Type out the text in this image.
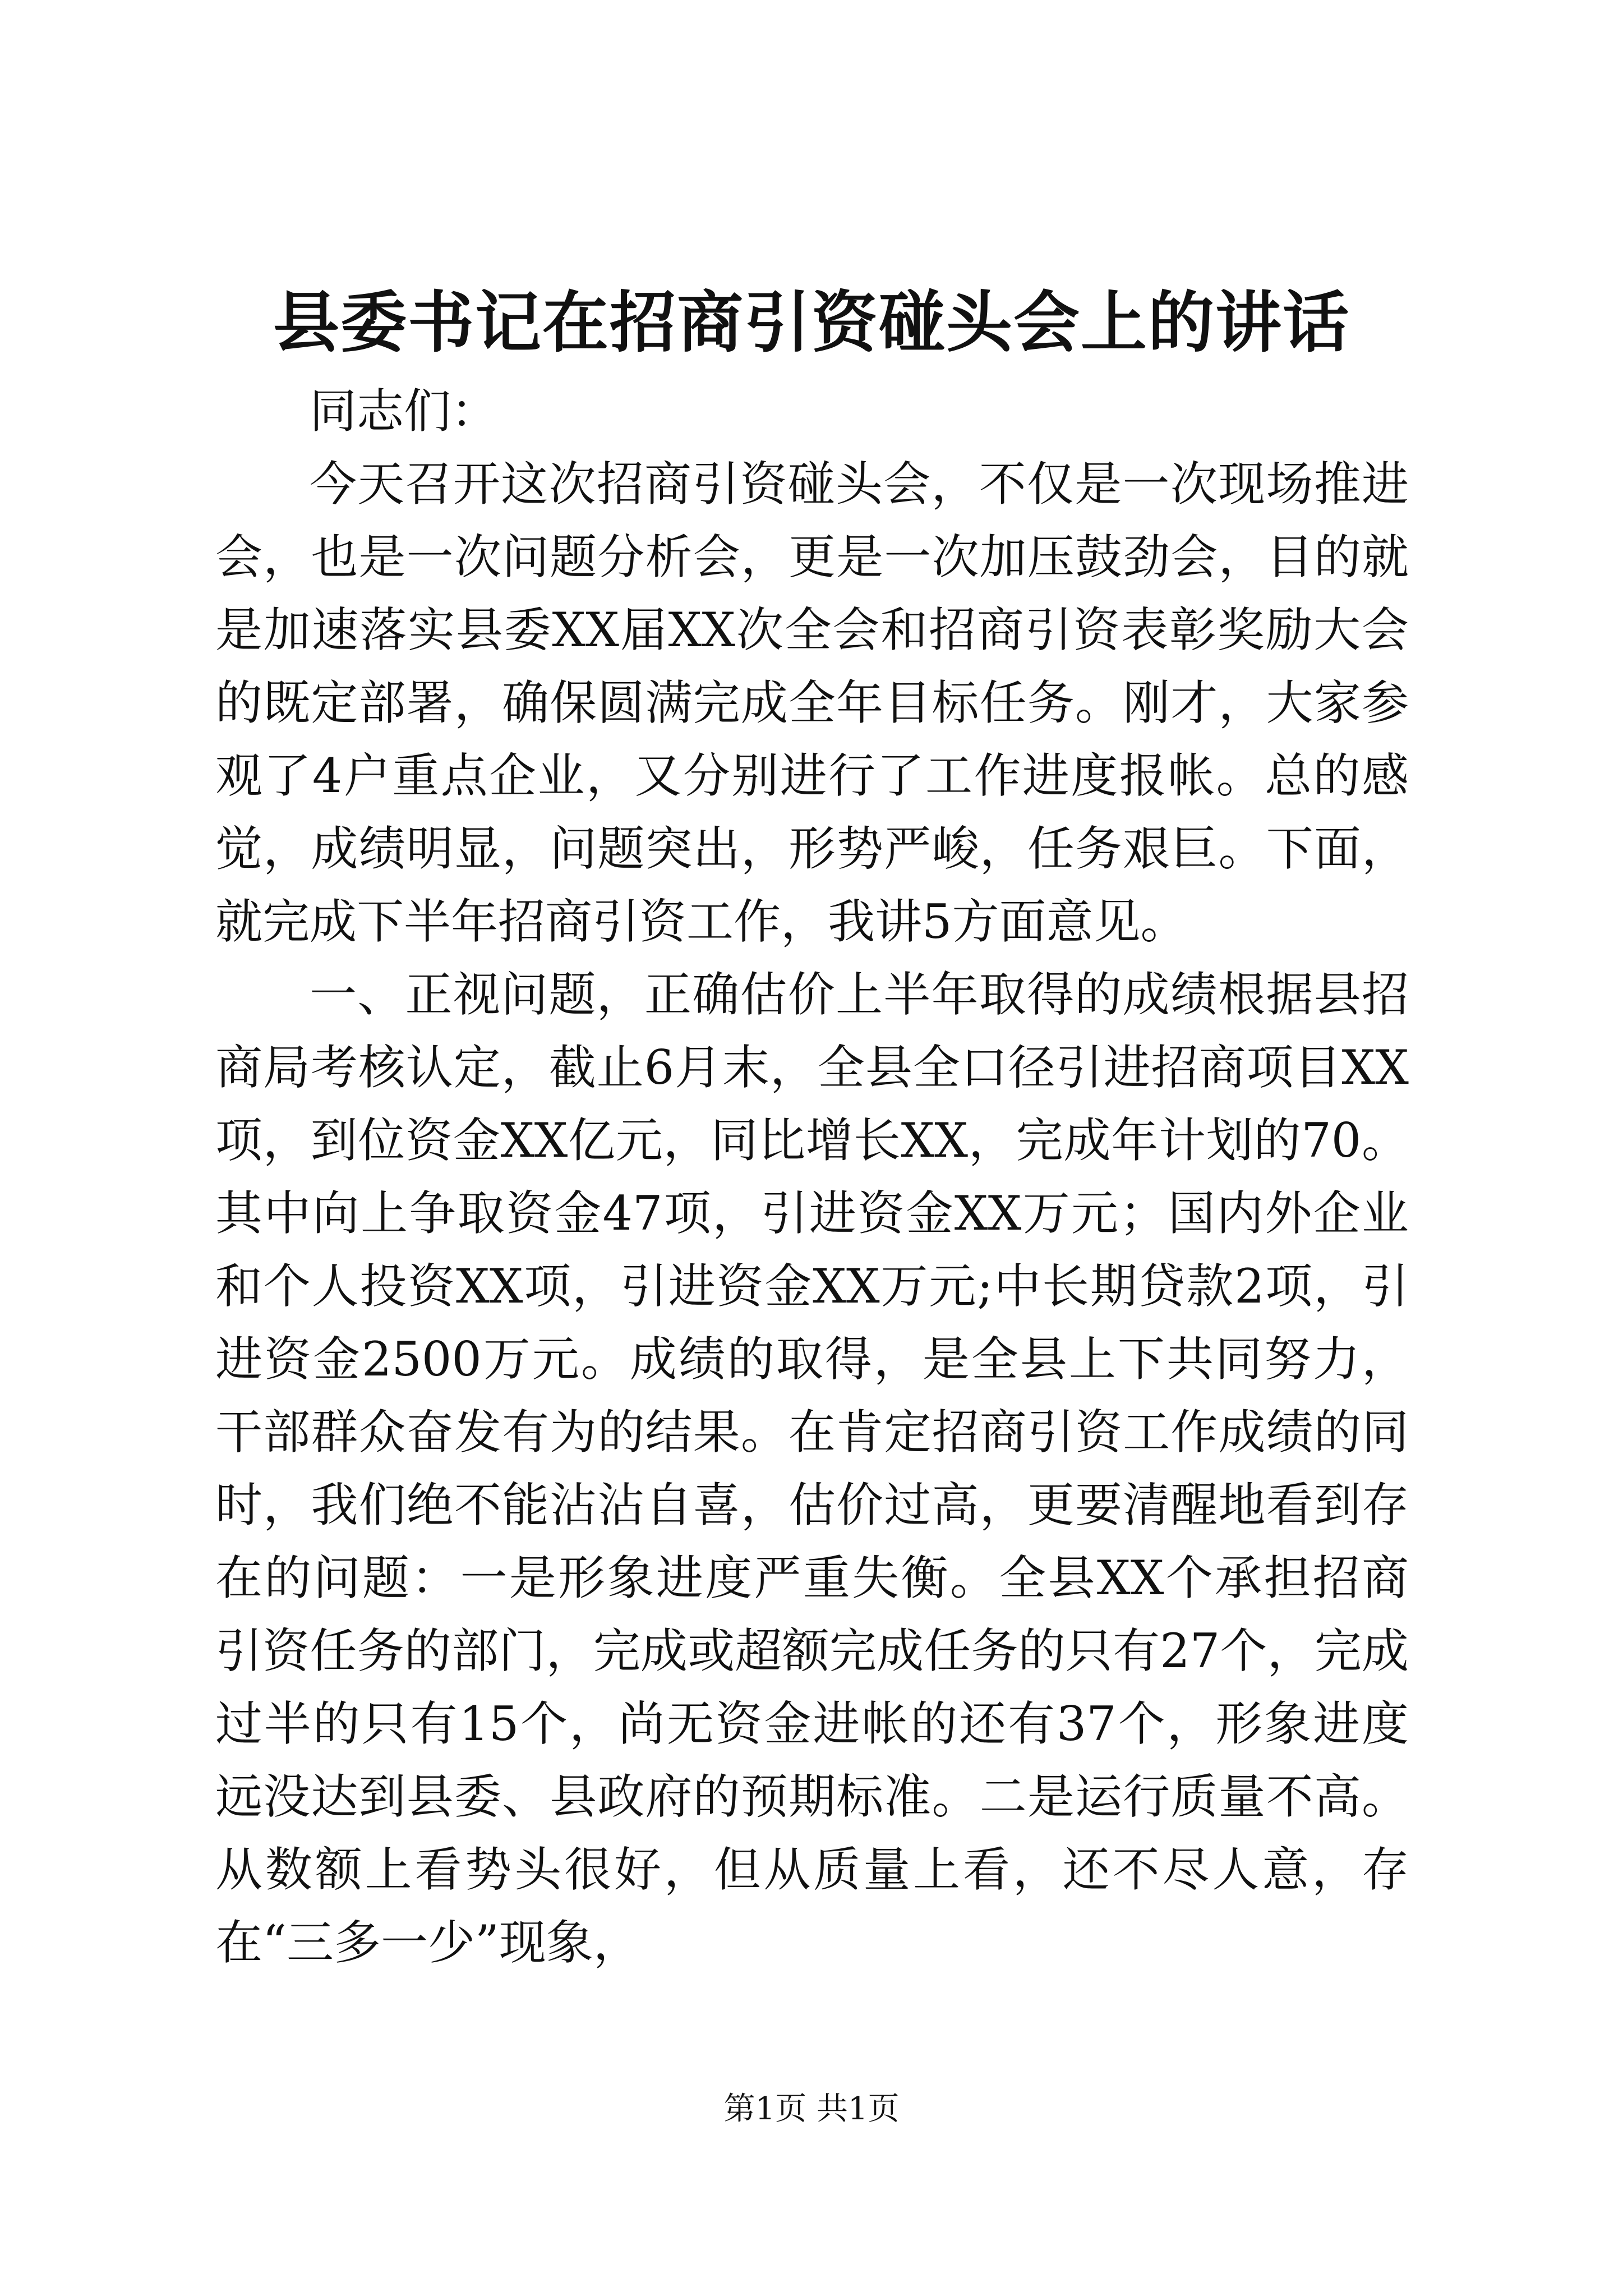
县委书记在招商引资碰头会上的讲话

同志们：

今天召开这次招商引资碰头会，不仅是一次现场推进会，也是一次问题分析会，更是一次加压鼓劲会，目的就是加速落实县委XX届XX次全会和招商引资表彰奖励大会的既定部署，确保圆满完成全年目标任务。刚才，大家参观了4户重点企业，又分别进行了工作进度报帐。总的感觉，成绩明显，问题突出，形势严峻，任务艰巨。下面，就完成下半年招商引资工作，我讲5方面意见。

一、正视问题，正确估价上半年取得的成绩根据县招商局考核认定，截止6月末，全县全口径引进招商项目XX项，到位资金XX亿元，同比增长XX，完成年计划的70。其中向上争取资金47项，引进资金XX万元；国内外企业和个人投资XX项，引进资金XX万元;中长期贷款2项，引进资金2500万元。成绩的取得，是全县上下共同努力，干部群众奋发有为的结果。在肯定招商引资工作成绩的同时，我们绝不能沾沾自喜，估价过高，更要清醒地看到存在的问题：一是形象进度严重失衡。全县XX个承担招商引资任务的部门，完成或超额完成任务的只有27个，完成过半的只有15个，尚无资金进帐的还有37个，形象进度远没达到县委、县政府的预期标准。二是运行质量不高。从数额上看势头很好，但从质量上看，还不尽人意，存在“三多一少”现象，

第1页 共1页
